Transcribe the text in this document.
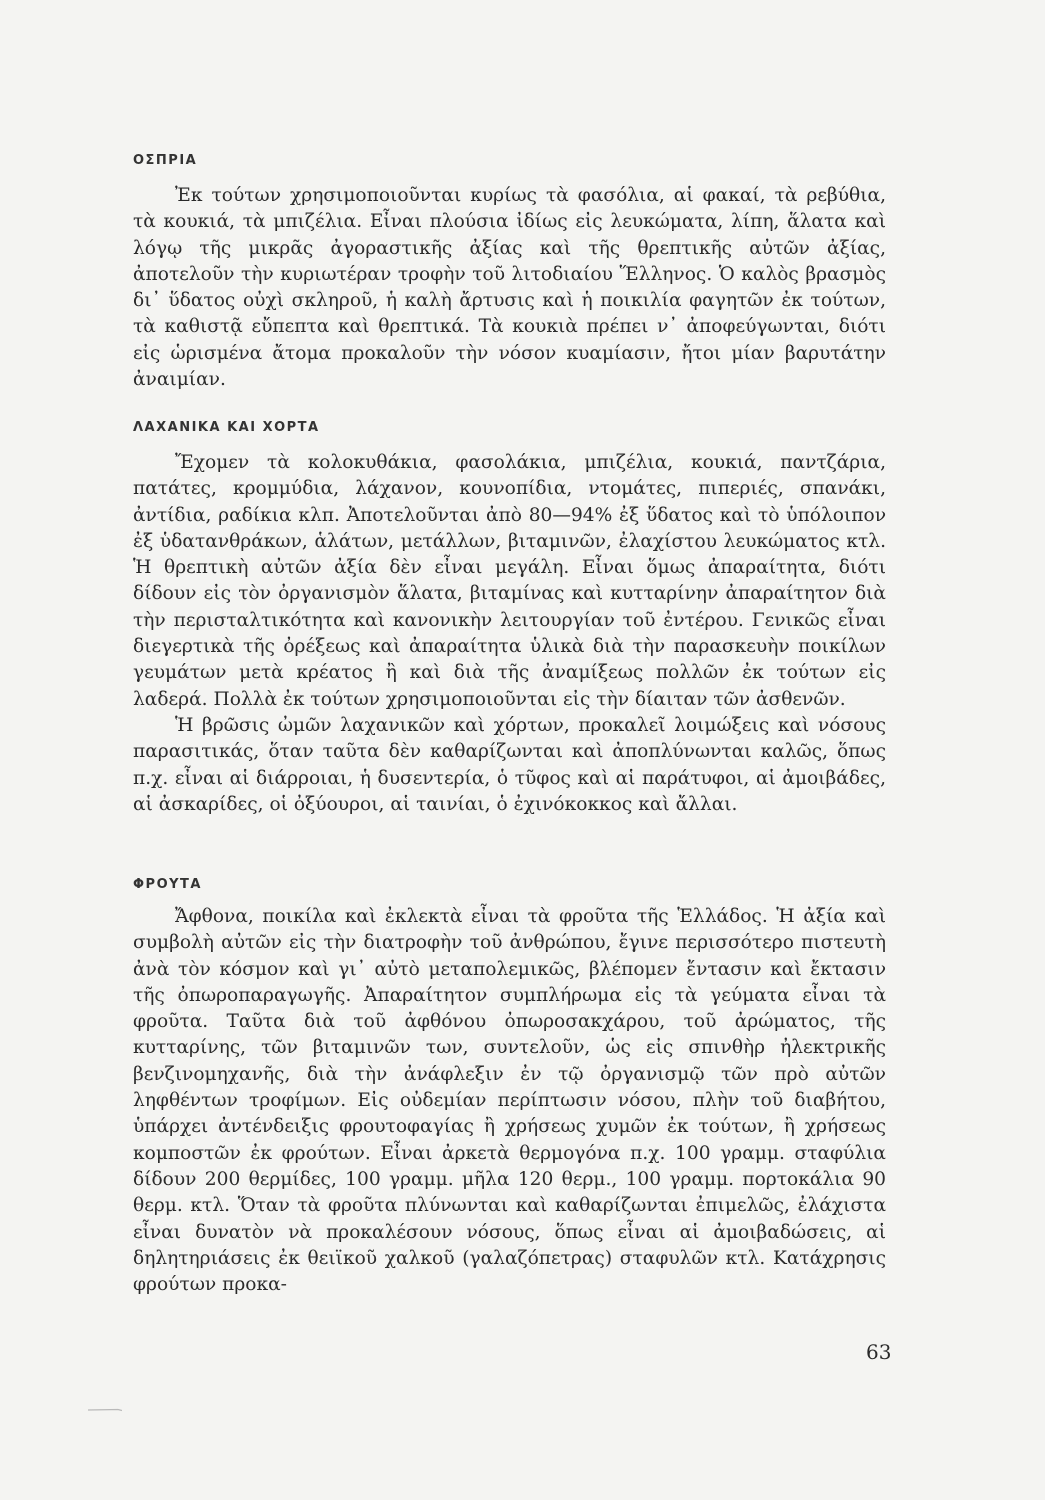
ΟΣΠΡΙΑ

Ἐκ τούτων χρησιμοποιοῦνται κυρίως τὰ φασόλια, αἱ φακαί, τὰ ρεβύθια, τὰ κουκιά, τὰ μπιζέλια. Εἶναι πλούσια ἰδίως εἰς λευκώματα, λίπη, ἅλατα καὶ λόγῳ τῆς μικρᾶς ἀγοραστικῆς ἀξίας καὶ τῆς θρεπτικῆς αὐτῶν ἀξίας, ἀποτελοῦν τὴν κυριωτέραν τροφὴν τοῦ λιτοδιαίου Ἕλληνος. Ὁ καλὸς βρασμὸς δι᾽ ὕδατος οὐχὶ σκληροῦ, ἡ καλὴ ἄρτυσις καὶ ἡ ποικιλία φαγητῶν ἐκ τούτων, τὰ καθιστᾷ εὔπεπτα καὶ θρεπτικά. Τὰ κουκιὰ πρέπει ν᾽ ἀποφεύγωνται, διότι εἰς ὡρισμένα ἄτομα προκαλοῦν τὴν νόσον κυαμίασιν, ἤτοι μίαν βαρυτάτην ἀναιμίαν.

ΛΑΧΑΝΙΚΑ ΚΑΙ ΧΟΡΤΑ

Ἔχομεν τὰ κολοκυθάκια, φασολάκια, μπιζέλια, κουκιά, παντζάρια, πατάτες, κρομμύδια, λάχανον, κουνοπίδια, ντομάτες, πιπεριές, σπανάκι, ἀντίδια, ραδίκια κλπ. Ἀποτελοῦνται ἀπὸ 80—94% ἐξ ὕδατος καὶ τὸ ὑπόλοιπον ἐξ ὑδατανθράκων, ἁλάτων, μετάλλων, βιταμινῶν, ἐλαχίστου λευκώματος κτλ. Ἡ θρεπτικὴ αὐτῶν ἀξία δὲν εἶναι μεγάλη. Εἶναι ὅμως ἀπαραίτητα, διότι δίδουν εἰς τὸν ὀργανισμὸν ἅλατα, βιταμίνας καὶ κυτταρίνην ἀπαραίτητον διὰ τὴν περισταλτικότητα καὶ κανονικὴν λειτουργίαν τοῦ ἐντέρου. Γενικῶς εἶναι διεγερτικὰ τῆς ὀρέξεως καὶ ἀπαραίτητα ὑλικὰ διὰ τὴν παρασκευὴν ποικίλων γευμάτων μετὰ κρέατος ἢ καὶ διὰ τῆς ἀναμίξεως πολλῶν ἐκ τούτων εἰς λαδερά. Πολλὰ ἐκ τούτων χρησιμοποιοῦνται εἰς τὴν δίαιταν τῶν ἀσθενῶν.

Ἡ βρῶσις ὠμῶν λαχανικῶν καὶ χόρτων, προκαλεῖ λοιμώξεις καὶ νόσους παρασιτικάς, ὅταν ταῦτα δὲν καθαρίζωνται καὶ ἀποπλύνωνται καλῶς, ὅπως π.χ. εἶναι αἱ διάρροιαι, ἡ δυσεντερία, ὁ τῦφος καὶ αἱ παράτυφοι, αἱ ἀμοιβάδες, αἱ ἀσκαρίδες, οἱ ὀξύουροι, αἱ ταινίαι, ὁ ἐχινόκοκκος καὶ ἄλλαι.

ΦΡΟΥΤΑ

Ἄφθονα, ποικίλα καὶ ἐκλεκτὰ εἶναι τὰ φροῦτα τῆς Ἑλλάδος. Ἡ ἀξία καὶ συμβολὴ αὐτῶν εἰς τὴν διατροφὴν τοῦ ἀνθρώπου, ἔγινε περισσότερο πιστευτὴ ἀνὰ τὸν κόσμον καὶ γι᾽ αὐτὸ μεταπολεμικῶς, βλέπομεν ἔντασιν καὶ ἔκτασιν τῆς ὀπωροπαραγωγῆς. Ἀπαραίτητον συμπλήρωμα εἰς τὰ γεύματα εἶναι τὰ φροῦτα. Ταῦτα διὰ τοῦ ἀφθόνου ὀπωροσακχάρου, τοῦ ἀρώματος, τῆς κυτταρίνης, τῶν βιταμινῶν των, συντελοῦν, ὡς εἰς σπινθὴρ ἠλεκτρικῆς βενζινομηχανῆς, διὰ τὴν ἀνάφλεξιν ἐν τῷ ὀργανισμῷ τῶν πρὸ αὐτῶν ληφθέντων τροφίμων. Εἰς οὐδεμίαν περίπτωσιν νόσου, πλὴν τοῦ διαβήτου, ὑπάρχει ἀντένδειξις φρουτοφαγίας ἢ χρήσεως χυμῶν ἐκ τούτων, ἢ χρήσεως κομποστῶν ἐκ φρούτων. Εἶναι ἀρκετὰ θερμογόνα π.χ. 100 γραμμ. σταφύλια δίδουν 200 θερμίδες, 100 γραμμ. μῆλα 120 θερμ., 100 γραμμ. πορτοκάλια 90 θερμ. κτλ. Ὅταν τὰ φροῦτα πλύνωνται καὶ καθαρίζωνται ἐπιμελῶς, ἐλάχιστα εἶναι δυνατὸν νὰ προκαλέσουν νόσους, ὅπως εἶναι αἱ ἀμοιβαδώσεις, αἱ δηλητηριάσεις ἐκ θειϊκοῦ χαλκοῦ (γαλαζόπετρας) σταφυλῶν κτλ. Κατάχρησις φρούτων προκα-

63
